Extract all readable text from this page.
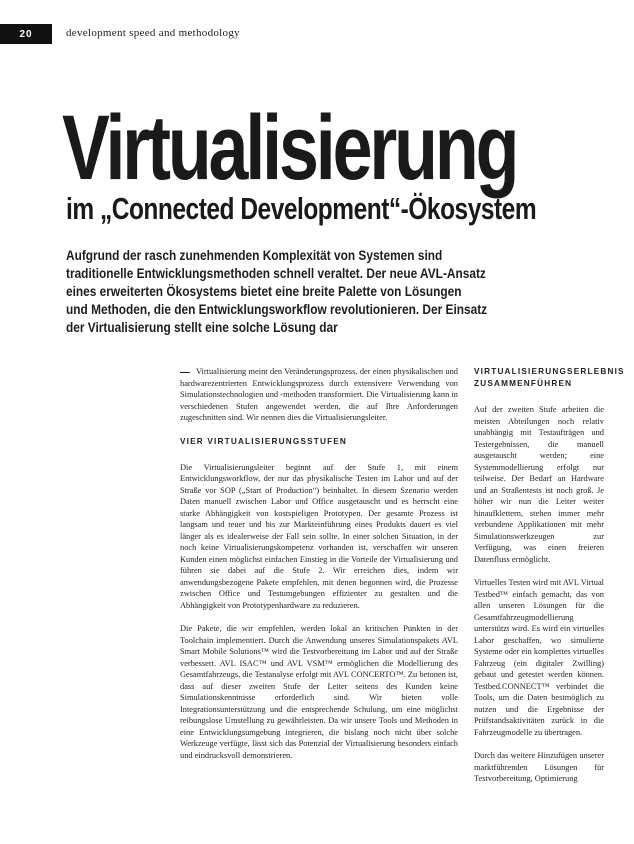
20	development speed and methodology
Virtualisierung
im „Connected Development“-Ökosystem
Aufgrund der rasch zunehmenden Komplexität von Systemen sind
traditionelle Entwicklungsmethoden schnell veraltet. Der neue AVL-Ansatz
eines erweiterten Ökosystems bietet eine breite Palette von Lösungen
und Methoden, die den Entwicklungsworkflow revolutionieren. Der Einsatz
der Virtualisierung stellt eine solche Lösung dar

Virtualisierung meint den Veränderungsprozess, der einen physikalischen und hardwarezentrierten Entwicklungsprozess durch extensivere Verwendung von Simulationstechnologien und -methoden transformiert. Die Virtualisierung kann in verschiedenen Stufen angewendet werden, die auf Ihre Anforderungen zugeschnitten sind. Wir nennen dies die Virtualisierungsleiter.

VIER VIRTUALISIERUNGSSTUFEN

Die Virtualisierungsleiter beginnt auf der Stufe 1, mit einem Entwicklungsworkflow, der nur das physikalische Testen im Labor und auf der Straße vor SOP („Start of Production“) beinhaltet. In diesem Szenario werden Daten manuell zwischen Labor und Office ausgetauscht und es herrscht eine starke Abhängigkeit von kostspieligen Prototypen. Der gesamte Prozess ist langsam und teuer und bis zur Markteinführung eines Produkts dauert es viel länger als es idealerweise der Fall sein sollte. In einer solchen Situation, in der noch keine Virtualisierungskompetenz vorhanden ist, verschaffen wir unseren Kunden einen möglichst einfachen Einstieg in die Vorteile der Virtualisierung und führen sie dabei auf die Stufe 2. Wir erreichen dies, indem wir anwendungsbezogene Pakete empfehlen, mit denen begonnen wird, die Prozesse zwischen Office und Testumgebungen effizienter zu gestalten und die Abhängigkeit von Prototypenhardware zu reduzieren.

Die Pakete, die wir empfehlen, werden lokal an kritischen Punkten in der Toolchain implementiert. Durch die Anwendung unseres Simulationspakets AVL Smart Mobile Solutions™ wird die Testvorbereitung im Labor und auf der Straße verbessert. AVL ISAC™ und AVL VSM™ ermöglichen die Modellierung des Gesamtfahrzeugs, die Testanalyse erfolgt mit AVL CONCERTO™. Zu betonen ist, dass auf dieser zweiten Stufe der Leiter seitens des Kunden keine Simulationskenntnisse erforderlich sind. Wir bieten volle Integrationsunterstützung und die entsprechende Schulung, um eine möglichst reibungslose Umstellung zu gewährleisten. Da wir unsere Tools und Methoden in eine Entwicklungsumgebung integrieren, die bislang noch nicht über solche Werkzeuge verfügte, lässt sich das Potenzial der Virtualisierung besonders einfach und eindrucksvoll demonstrieren.

VIRTUALISIERUNGSERLEBNIS ZUSAMMENFÜHREN

Auf der zweiten Stufe arbeiten die meisten Abteilungen noch relativ unabhängig mit Testaufträgen und Testergebnissen, die manuell ausgetauscht werden; eine Systemmodellierung erfolgt nur teilweise. Der Bedarf an Hardware und an Straßentests ist noch groß. Je höher wir nun die Leiter weiter hinaufklettern, stehen immer mehr verbundene Applikationen mit mehr Simulationswerkzeugen zur Verfügung, was einen freieren Datenfluss ermöglicht.

Virtuelles Testen wird mit AVL Virtual Testbed™ einfach gemacht, das von allen unseren Lösungen für die Gesamtfahrzeugmodellierung unterstützt wird. Es wird ein virtuelles Labor geschaffen, wo simulierte Systeme oder ein komplettes virtuelles Fahrzeug (ein digitaler Zwilling) gebaut und getestet werden können. Testbed.CONNECT™ verbindet die Tools, um die Daten bestmöglich zu nutzen und die Ergebnisse der Prüfstandsaktivitäten zurück in die Fahrzeugmodelle zu übertragen.

Durch das weitere Hinzufügen unserer marktführenden Lösungen für Testvorbereitung, Optimierung
